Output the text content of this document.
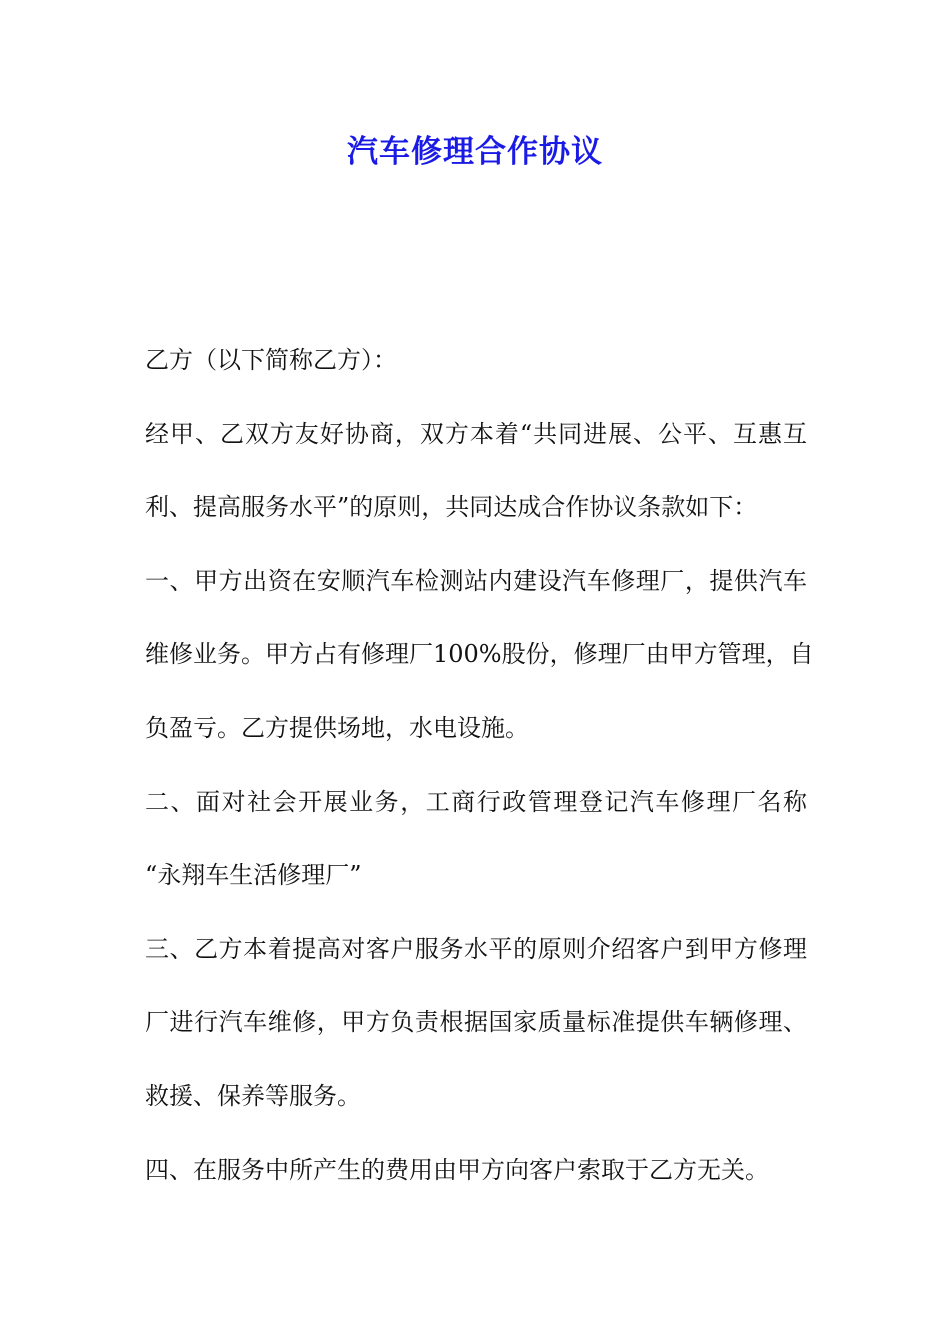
汽车修理合作协议
乙方（以下简称乙方）：
经甲、乙双方友好协商，双方本着“共同进展、公平、互惠互
利、提高服务水平”的原则，共同达成合作协议条款如下：
一、甲方出资在安顺汽车检测站内建设汽车修理厂，提供汽车
维修业务。甲方占有修理厂100%股份，修理厂由甲方管理，自
负盈亏。乙方提供场地，水电设施。
二、面对社会开展业务，工商行政管理登记汽车修理厂名称
“永翔车生活修理厂”
三、乙方本着提高对客户服务水平的原则介绍客户到甲方修理
厂进行汽车维修，甲方负责根据国家质量标准提供车辆修理、
救援、保养等服务。
四、在服务中所产生的费用由甲方向客户索取于乙方无关。
